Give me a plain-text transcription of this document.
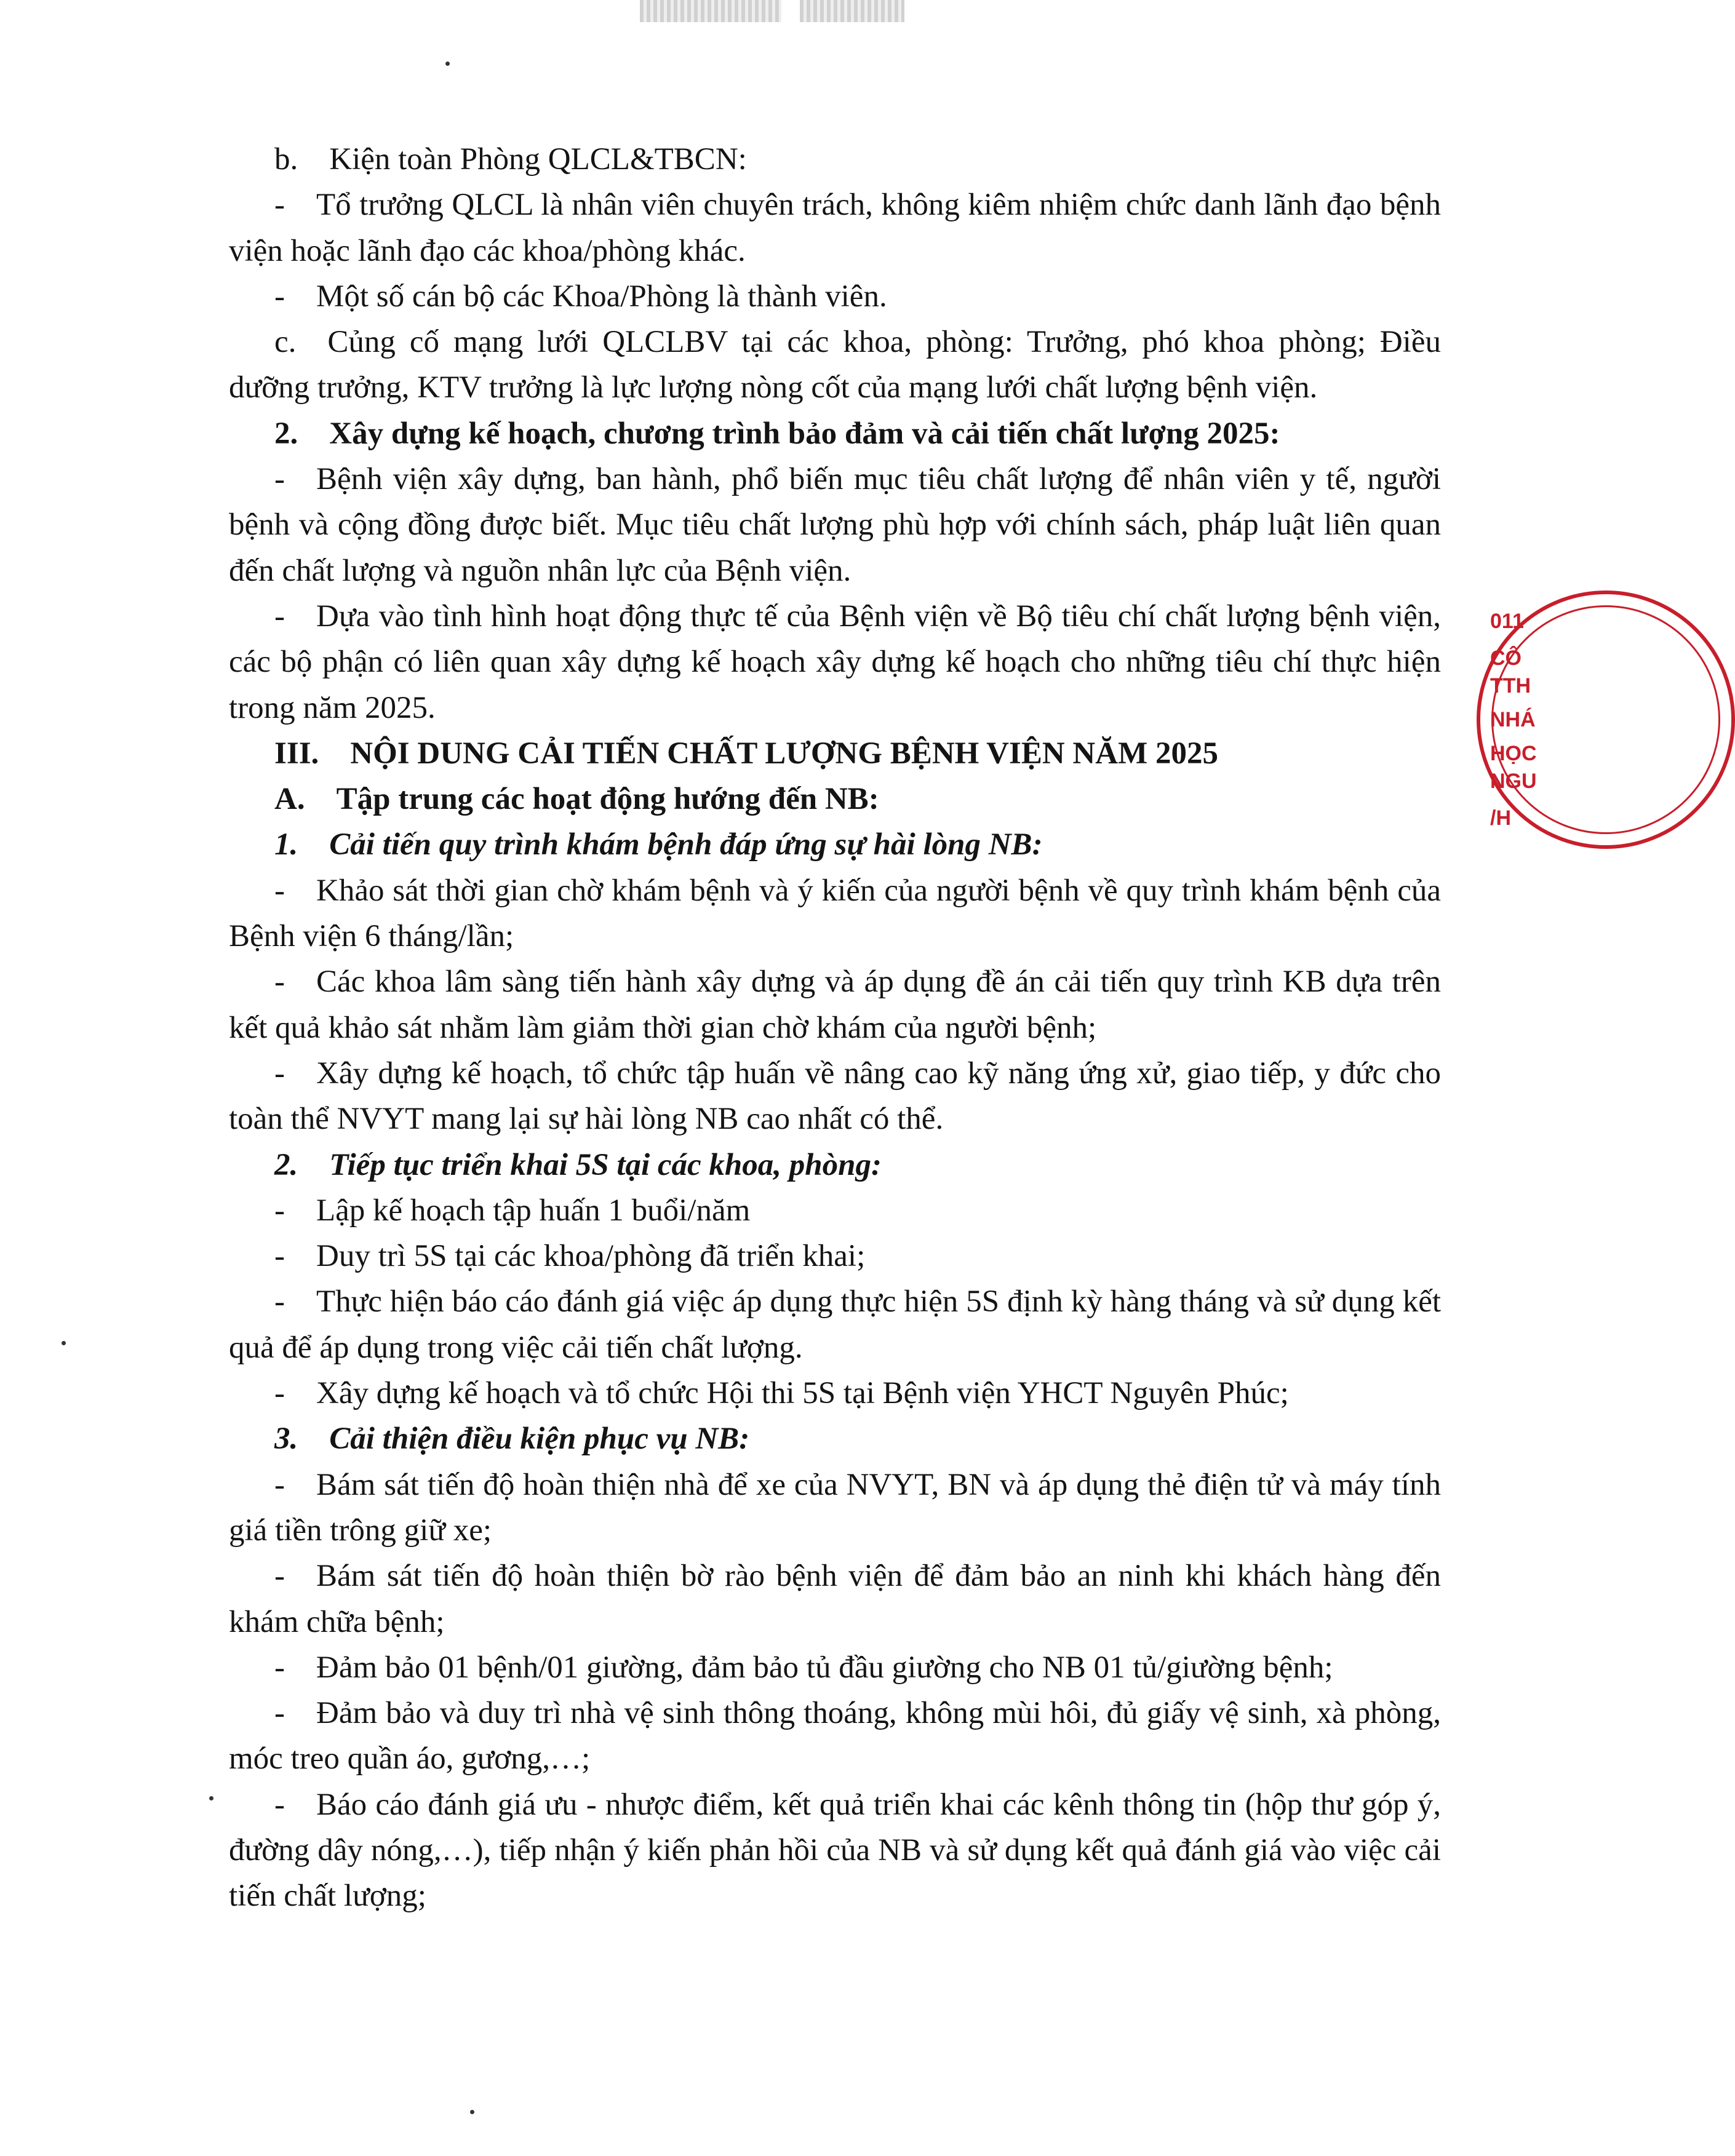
b. Kiện toàn Phòng QLCL&TBCN:

- Tổ trưởng QLCL là nhân viên chuyên trách, không kiêm nhiệm chức danh lãnh đạo bệnh viện hoặc lãnh đạo các khoa/phòng khác.

- Một số cán bộ các Khoa/Phòng là thành viên.

c. Củng cố mạng lưới QLCLBV tại các khoa, phòng: Trưởng, phó khoa phòng; Điều dưỡng trưởng, KTV trưởng là lực lượng nòng cốt của mạng lưới chất lượng bệnh viện.

2. Xây dựng kế hoạch, chương trình bảo đảm và cải tiến chất lượng 2025:

- Bệnh viện xây dựng, ban hành, phổ biến mục tiêu chất lượng để nhân viên y tế, người bệnh và cộng đồng được biết. Mục tiêu chất lượng phù hợp với chính sách, pháp luật liên quan đến chất lượng và nguồn nhân lực của Bệnh viện.

- Dựa vào tình hình hoạt động thực tế của Bệnh viện về Bộ tiêu chí chất lượng bệnh viện, các bộ phận có liên quan xây dựng kế hoạch xây dựng kế hoạch cho những tiêu chí thực hiện trong năm 2025.

III. NỘI DUNG CẢI TIẾN CHẤT LƯỢNG BỆNH VIỆN NĂM 2025

A. Tập trung các hoạt động hướng đến NB:

1. Cải tiến quy trình khám bệnh đáp ứng sự hài lòng NB:

- Khảo sát thời gian chờ khám bệnh và ý kiến của người bệnh về quy trình khám bệnh của Bệnh viện 6 tháng/lần;

- Các khoa lâm sàng tiến hành xây dựng và áp dụng đề án cải tiến quy trình KB dựa trên kết quả khảo sát nhằm làm giảm thời gian chờ khám của người bệnh;

- Xây dựng kế hoạch, tổ chức tập huấn về nâng cao kỹ năng ứng xử, giao tiếp, y đức cho toàn thể NVYT mang lại sự hài lòng NB cao nhất có thể.

2. Tiếp tục triển khai 5S tại các khoa, phòng:

- Lập kế hoạch tập huấn 1 buổi/năm

- Duy trì 5S tại các khoa/phòng đã triển khai;

- Thực hiện báo cáo đánh giá việc áp dụng thực hiện 5S định kỳ hàng tháng và sử dụng kết quả để áp dụng trong việc cải tiến chất lượng.

- Xây dựng kế hoạch và tổ chức Hội thi 5S tại Bệnh viện YHCT Nguyên Phúc;

3. Cải thiện điều kiện phục vụ NB:

- Bám sát tiến độ hoàn thiện nhà để xe của NVYT, BN và áp dụng thẻ điện tử và máy tính giá tiền trông giữ xe;

- Bám sát tiến độ hoàn thiện bờ rào bệnh viện để đảm bảo an ninh khi khách hàng đến khám chữa bệnh;

- Đảm bảo 01 bệnh/01 giường, đảm bảo tủ đầu giường cho NB 01 tủ/giường bệnh;

- Đảm bảo và duy trì nhà vệ sinh thông thoáng, không mùi hôi, đủ giấy vệ sinh, xà phòng, móc treo quần áo, gương,…;

- Báo cáo đánh giá ưu - nhược điểm, kết quả triển khai các kênh thông tin (hộp thư góp ý, đường dây nóng,…), tiếp nhận ý kiến phản hồi của NB và sử dụng kết quả đánh giá vào việc cải tiến chất lượng;

011
CÔ
TTH
NHÁ
HỌC
NGU
/H
